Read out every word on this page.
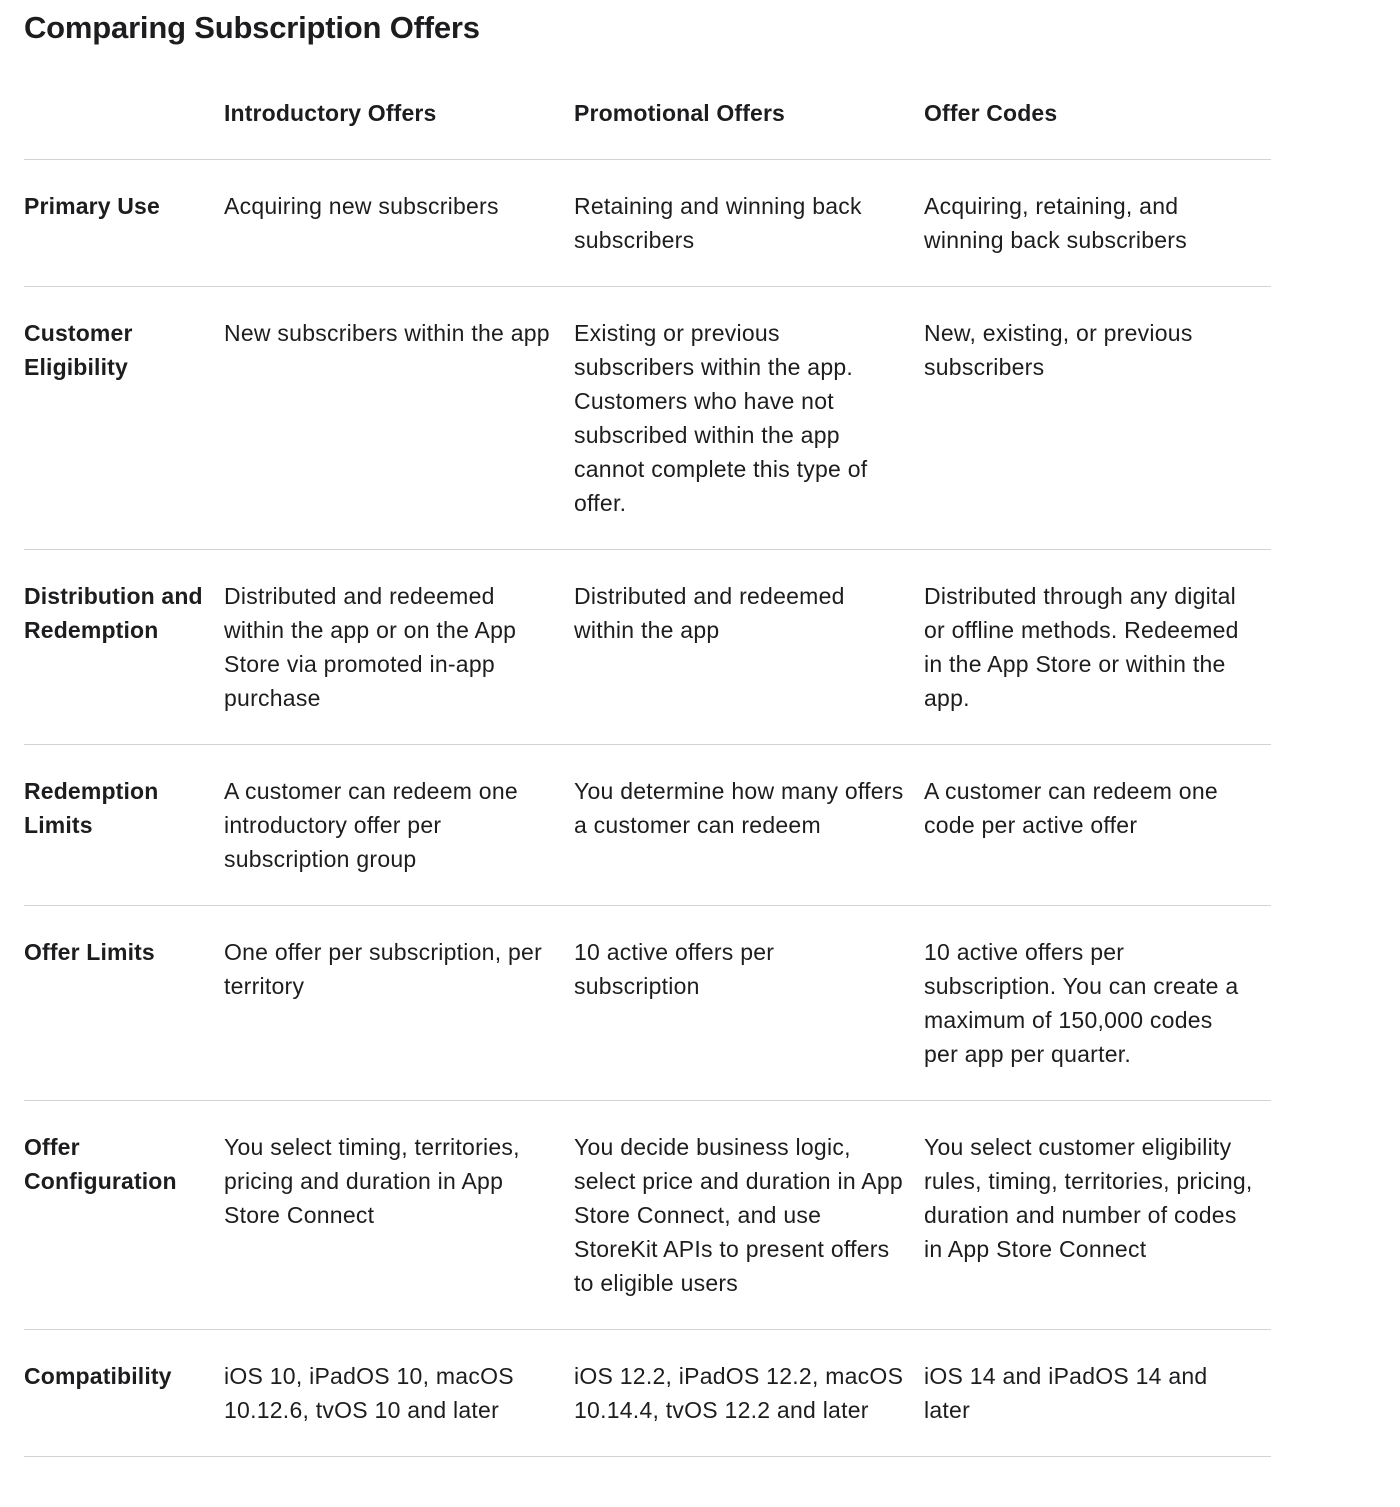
Comparing Subscription Offers
	Introductory Offers	Promotional Offers	Offer Codes

Primary Use	Acquiring new subscribers	Retaining and winning back subscribers	Acquiring, retaining, and winning back subscribers

Customer Eligibility	New subscribers within the app	Existing or previous subscribers within the app. Customers who have not subscribed within the app cannot complete this type of offer.	New, existing, or previous subscribers

Distribution and Redemption	Distributed and redeemed within the app or on the App Store via promoted in-app purchase	Distributed and redeemed within the app	Distributed through any digital or offline methods. Redeemed in the App Store or within the app.

Redemption Limits	A customer can redeem one introductory offer per subscription group	You determine how many offers a customer can redeem	A customer can redeem one code per active offer

Offer Limits	One offer per subscription, per territory	10 active offers per subscription	10 active offers per subscription. You can create a maximum of 150,000 codes per app per quarter.

Offer Configuration	You select timing, territories, pricing and duration in App Store Connect	You decide business logic, select price and duration in App Store Connect, and use StoreKit APIs to present offers to eligible users	You select customer eligibility rules, timing, territories, pricing, duration and number of codes in App Store Connect

Compatibility	iOS 10, iPadOS 10, macOS 10.12.6, tvOS 10 and later	iOS 12.2, iPadOS 12.2, macOS 10.14.4, tvOS 12.2 and later	iOS 14 and iPadOS 14 and later
